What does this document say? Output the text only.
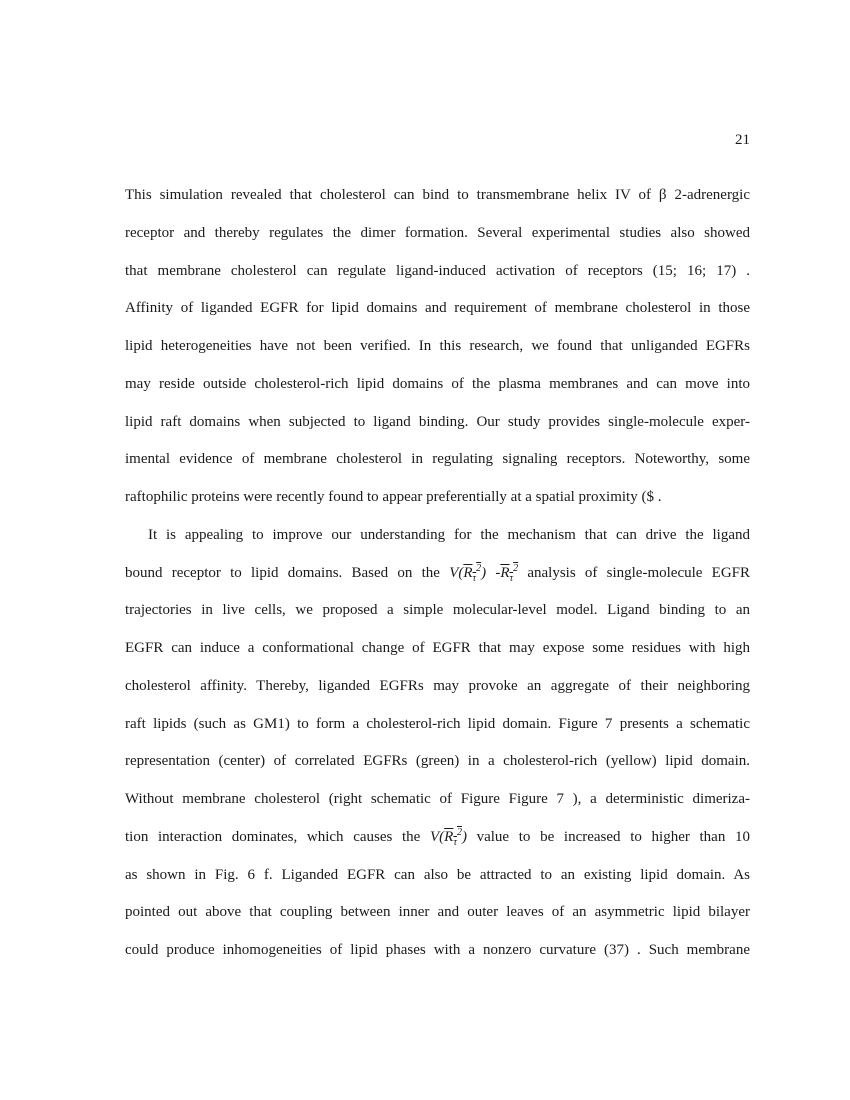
21
This simulation revealed that cholesterol can bind to transmembrane helix IV of β 2-adrenergic
receptor and thereby regulates the dimer formation. Several experimental studies also showed
that membrane cholesterol can regulate ligand-induced activation of receptors (15; 16; 17) .
Affinity of liganded EGFR for lipid domains and requirement of membrane cholesterol in those
lipid heterogeneities have not been verified. In this research, we found that unliganded EGFRs
may reside outside cholesterol-rich lipid domains of the plasma membranes and can move into
lipid raft domains when subjected to ligand binding. Our study provides single-molecule exper-
imental evidence of membrane cholesterol in regulating signaling receptors. Noteworthy, some
raftophilic proteins were recently found to appear preferentially at a spatial proximity ($ .
It is appealing to improve our understanding for the mechanism that can drive the ligand
bound receptor to lipid domains. Based on the $V(R_\tau^2)$ $-R_\tau^2$ analysis of single-molecule EGFR
trajectories in live cells, we proposed a simple molecular-level model. Ligand binding to an
EGFR can induce a conformational change of EGFR that may expose some residues with high
cholesterol affinity. Thereby, liganded EGFRs may provoke an aggregate of their neighboring
raft lipids (such as GM1) to form a cholesterol-rich lipid domain. Figure 7 presents a schematic
representation (center) of correlated EGFRs (green) in a cholesterol-rich (yellow) lipid domain.
Without membrane cholesterol (right schematic of Figure Figure 7 ), a deterministic dimeriza-
tion interaction dominates, which causes the $V(R_\tau^2)$ value to be increased to higher than 10
as shown in Fig. 6 f. Liganded EGFR can also be attracted to an existing lipid domain. As
pointed out above that coupling between inner and outer leaves of an asymmetric lipid bilayer
could produce inhomogeneities of lipid phases with a nonzero curvature (37) . Such membrane
